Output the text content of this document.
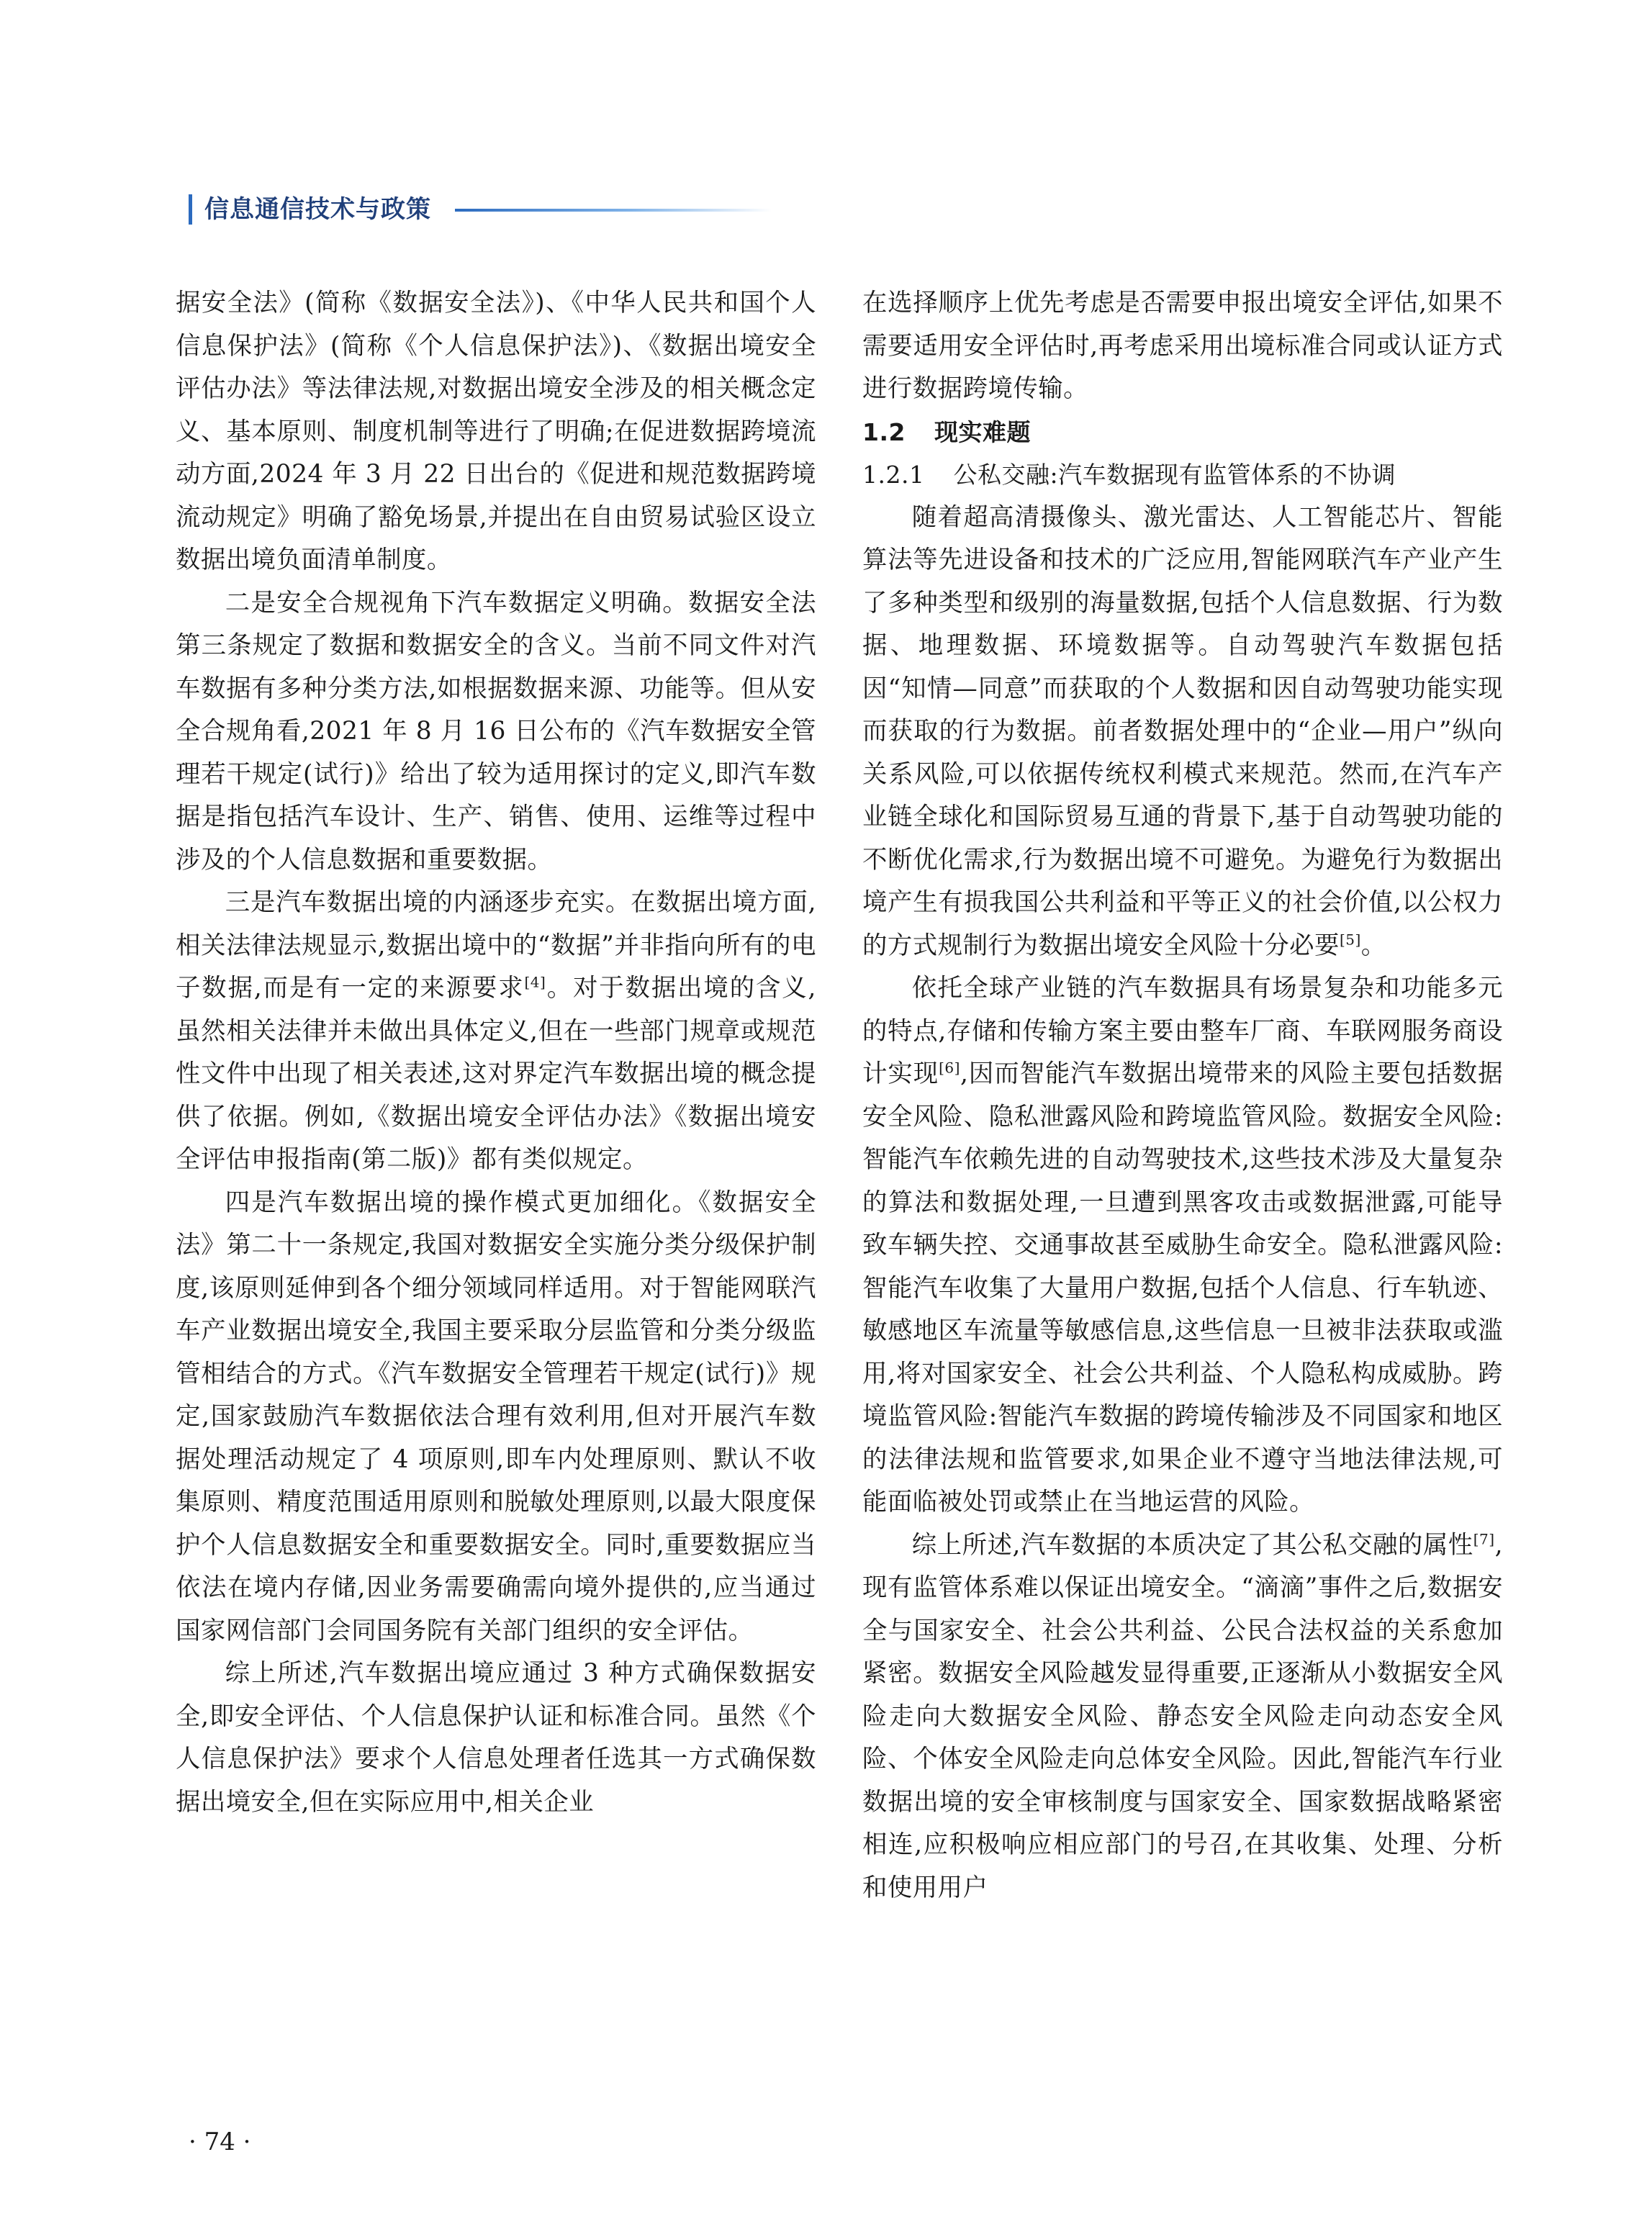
信息通信技术与政策

据安全法》(简称《数据安全法》)、《中华人民共和国个人信息保护法》(简称《个人信息保护法》)、《数据出境安全评估办法》等法律法规,对数据出境安全涉及的相关概念定义、基本原则、制度机制等进行了明确;在促进数据跨境流动方面,2024 年 3 月 22 日出台的《促进和规范数据跨境流动规定》明确了豁免场景,并提出在自由贸易试验区设立数据出境负面清单制度。

二是安全合规视角下汽车数据定义明确。数据安全法第三条规定了数据和数据安全的含义。当前不同文件对汽车数据有多种分类方法,如根据数据来源、功能等。但从安全合规角看,2021 年 8 月 16 日公布的《汽车数据安全管理若干规定(试行)》给出了较为适用探讨的定义,即汽车数据是指包括汽车设计、生产、销售、使用、运维等过程中涉及的个人信息数据和重要数据。

三是汽车数据出境的内涵逐步充实。在数据出境方面,相关法律法规显示,数据出境中的“数据”并非指向所有的电子数据,而是有一定的来源要求[4]。对于数据出境的含义,虽然相关法律并未做出具体定义,但在一些部门规章或规范性文件中出现了相关表述,这对界定汽车数据出境的概念提供了依据。例如,《数据出境安全评估办法》《数据出境安全评估申报指南(第二版)》都有类似规定。

四是汽车数据出境的操作模式更加细化。《数据安全法》第二十一条规定,我国对数据安全实施分类分级保护制度,该原则延伸到各个细分领域同样适用。对于智能网联汽车产业数据出境安全,我国主要采取分层监管和分类分级监管相结合的方式。《汽车数据安全管理若干规定(试行)》规定,国家鼓励汽车数据依法合理有效利用,但对开展汽车数据处理活动规定了 4 项原则,即车内处理原则、默认不收集原则、精度范围适用原则和脱敏处理原则,以最大限度保护个人信息数据安全和重要数据安全。同时,重要数据应当依法在境内存储,因业务需要确需向境外提供的,应当通过国家网信部门会同国务院有关部门组织的安全评估。

综上所述,汽车数据出境应通过 3 种方式确保数据安全,即安全评估、个人信息保护认证和标准合同。虽然《个人信息保护法》要求个人信息处理者任选其一方式确保数据出境安全,但在实际应用中,相关企业

在选择顺序上优先考虑是否需要申报出境安全评估,如果不需要适用安全评估时,再考虑采用出境标准合同或认证方式进行数据跨境传输。

1.2 现实难题
1.2.1 公私交融:汽车数据现有监管体系的不协调

随着超高清摄像头、激光雷达、人工智能芯片、智能算法等先进设备和技术的广泛应用,智能网联汽车产业产生了多种类型和级别的海量数据,包括个人信息数据、行为数据、地理数据、环境数据等。自动驾驶汽车数据包括因“知情—同意”而获取的个人数据和因自动驾驶功能实现而获取的行为数据。前者数据处理中的“企业—用户”纵向关系风险,可以依据传统权利模式来规范。然而,在汽车产业链全球化和国际贸易互通的背景下,基于自动驾驶功能的不断优化需求,行为数据出境不可避免。为避免行为数据出境产生有损我国公共利益和平等正义的社会价值,以公权力的方式规制行为数据出境安全风险十分必要[5]。

依托全球产业链的汽车数据具有场景复杂和功能多元的特点,存储和传输方案主要由整车厂商、车联网服务商设计实现[6],因而智能汽车数据出境带来的风险主要包括数据安全风险、隐私泄露风险和跨境监管风险。数据安全风险:智能汽车依赖先进的自动驾驶技术,这些技术涉及大量复杂的算法和数据处理,一旦遭到黑客攻击或数据泄露,可能导致车辆失控、交通事故甚至威胁生命安全。隐私泄露风险:智能汽车收集了大量用户数据,包括个人信息、行车轨迹、敏感地区车流量等敏感信息,这些信息一旦被非法获取或滥用,将对国家安全、社会公共利益、个人隐私构成威胁。跨境监管风险:智能汽车数据的跨境传输涉及不同国家和地区的法律法规和监管要求,如果企业不遵守当地法律法规,可能面临被处罚或禁止在当地运营的风险。

综上所述,汽车数据的本质决定了其公私交融的属性[7],现有监管体系难以保证出境安全。“滴滴”事件之后,数据安全与国家安全、社会公共利益、公民合法权益的关系愈加紧密。数据安全风险越发显得重要,正逐渐从小数据安全风险走向大数据安全风险、静态安全风险走向动态安全风险、个体安全风险走向总体安全风险。因此,智能汽车行业数据出境的安全审核制度与国家安全、国家数据战略紧密相连,应积极响应相应部门的号召,在其收集、处理、分析和使用用户

· 74 ·
